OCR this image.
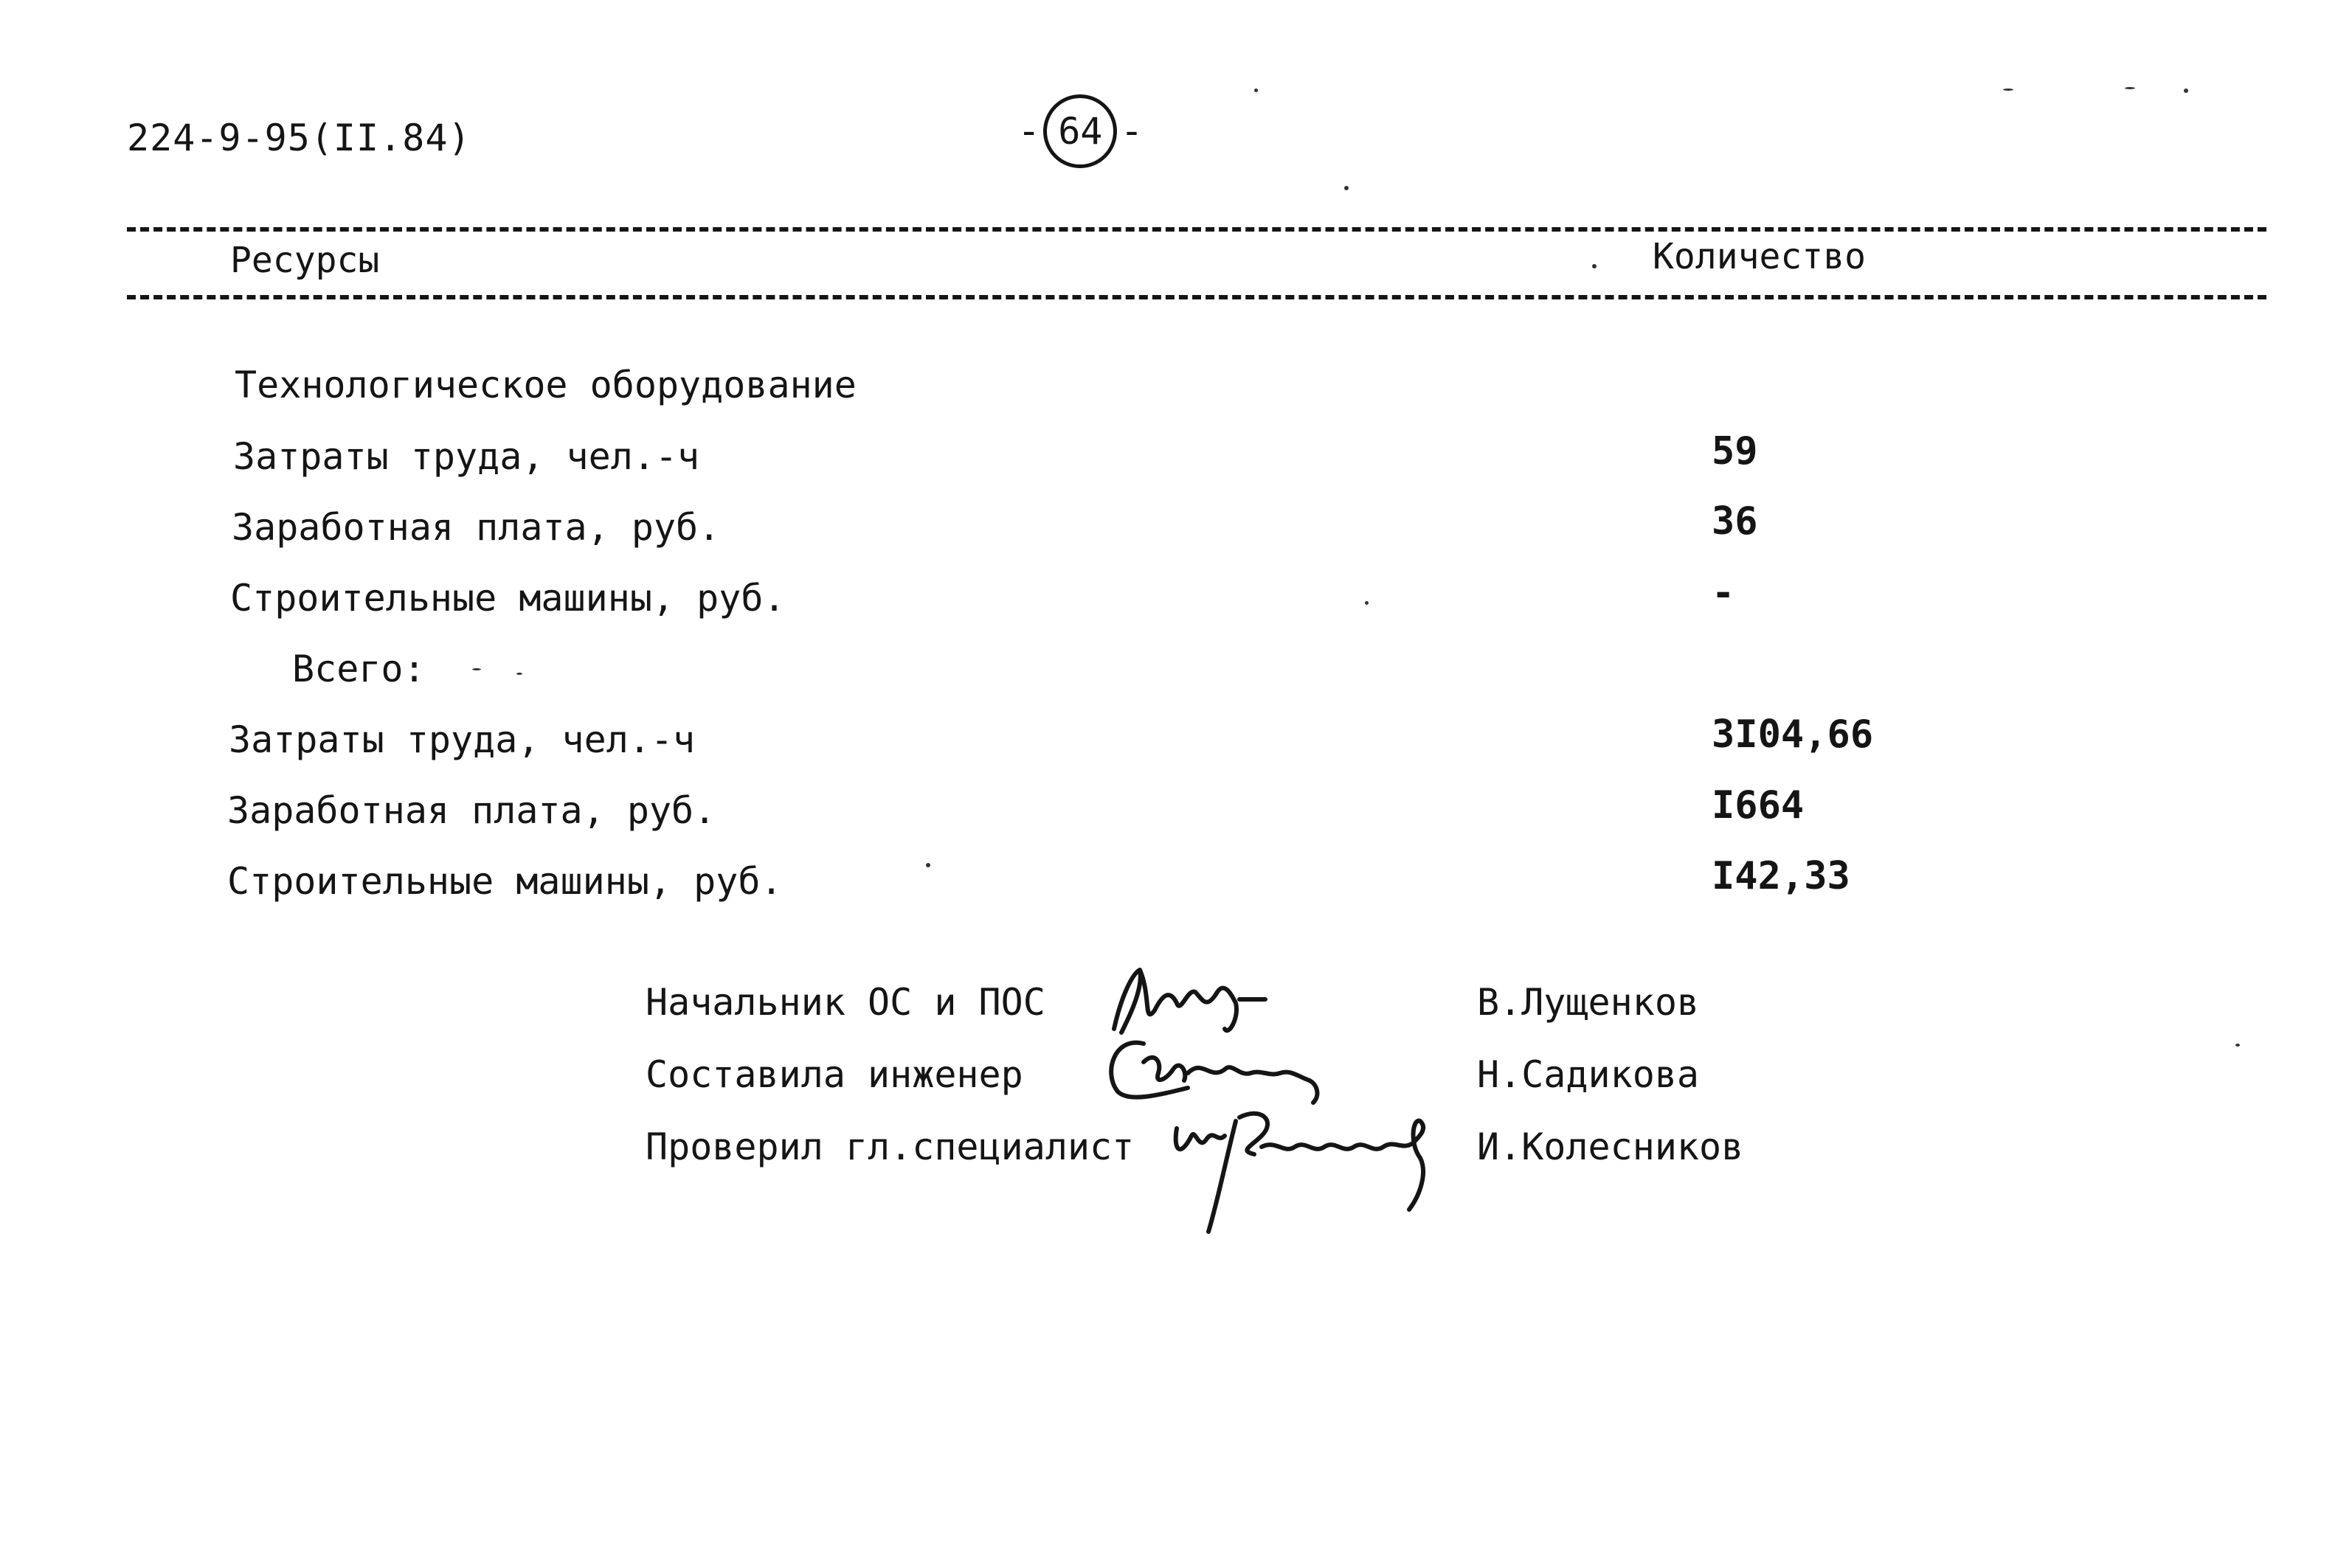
224-9-95(II.84)	- 64 -
Ресурсы	Количество
Технологическое оборудование
Затраты труда, чел.-ч	59
Заработная плата, руб.	36
Строительные машины, руб.	-
Всего:
Затраты труда, чел.-ч	3I04,66
Заработная плата, руб.	I664
Строительные машины, руб.	I42,33
Начальник ОС и ПОС	В.Лущенков
Составила инженер	Н.Садикова
Проверил гл.специалист	И.Колесников
